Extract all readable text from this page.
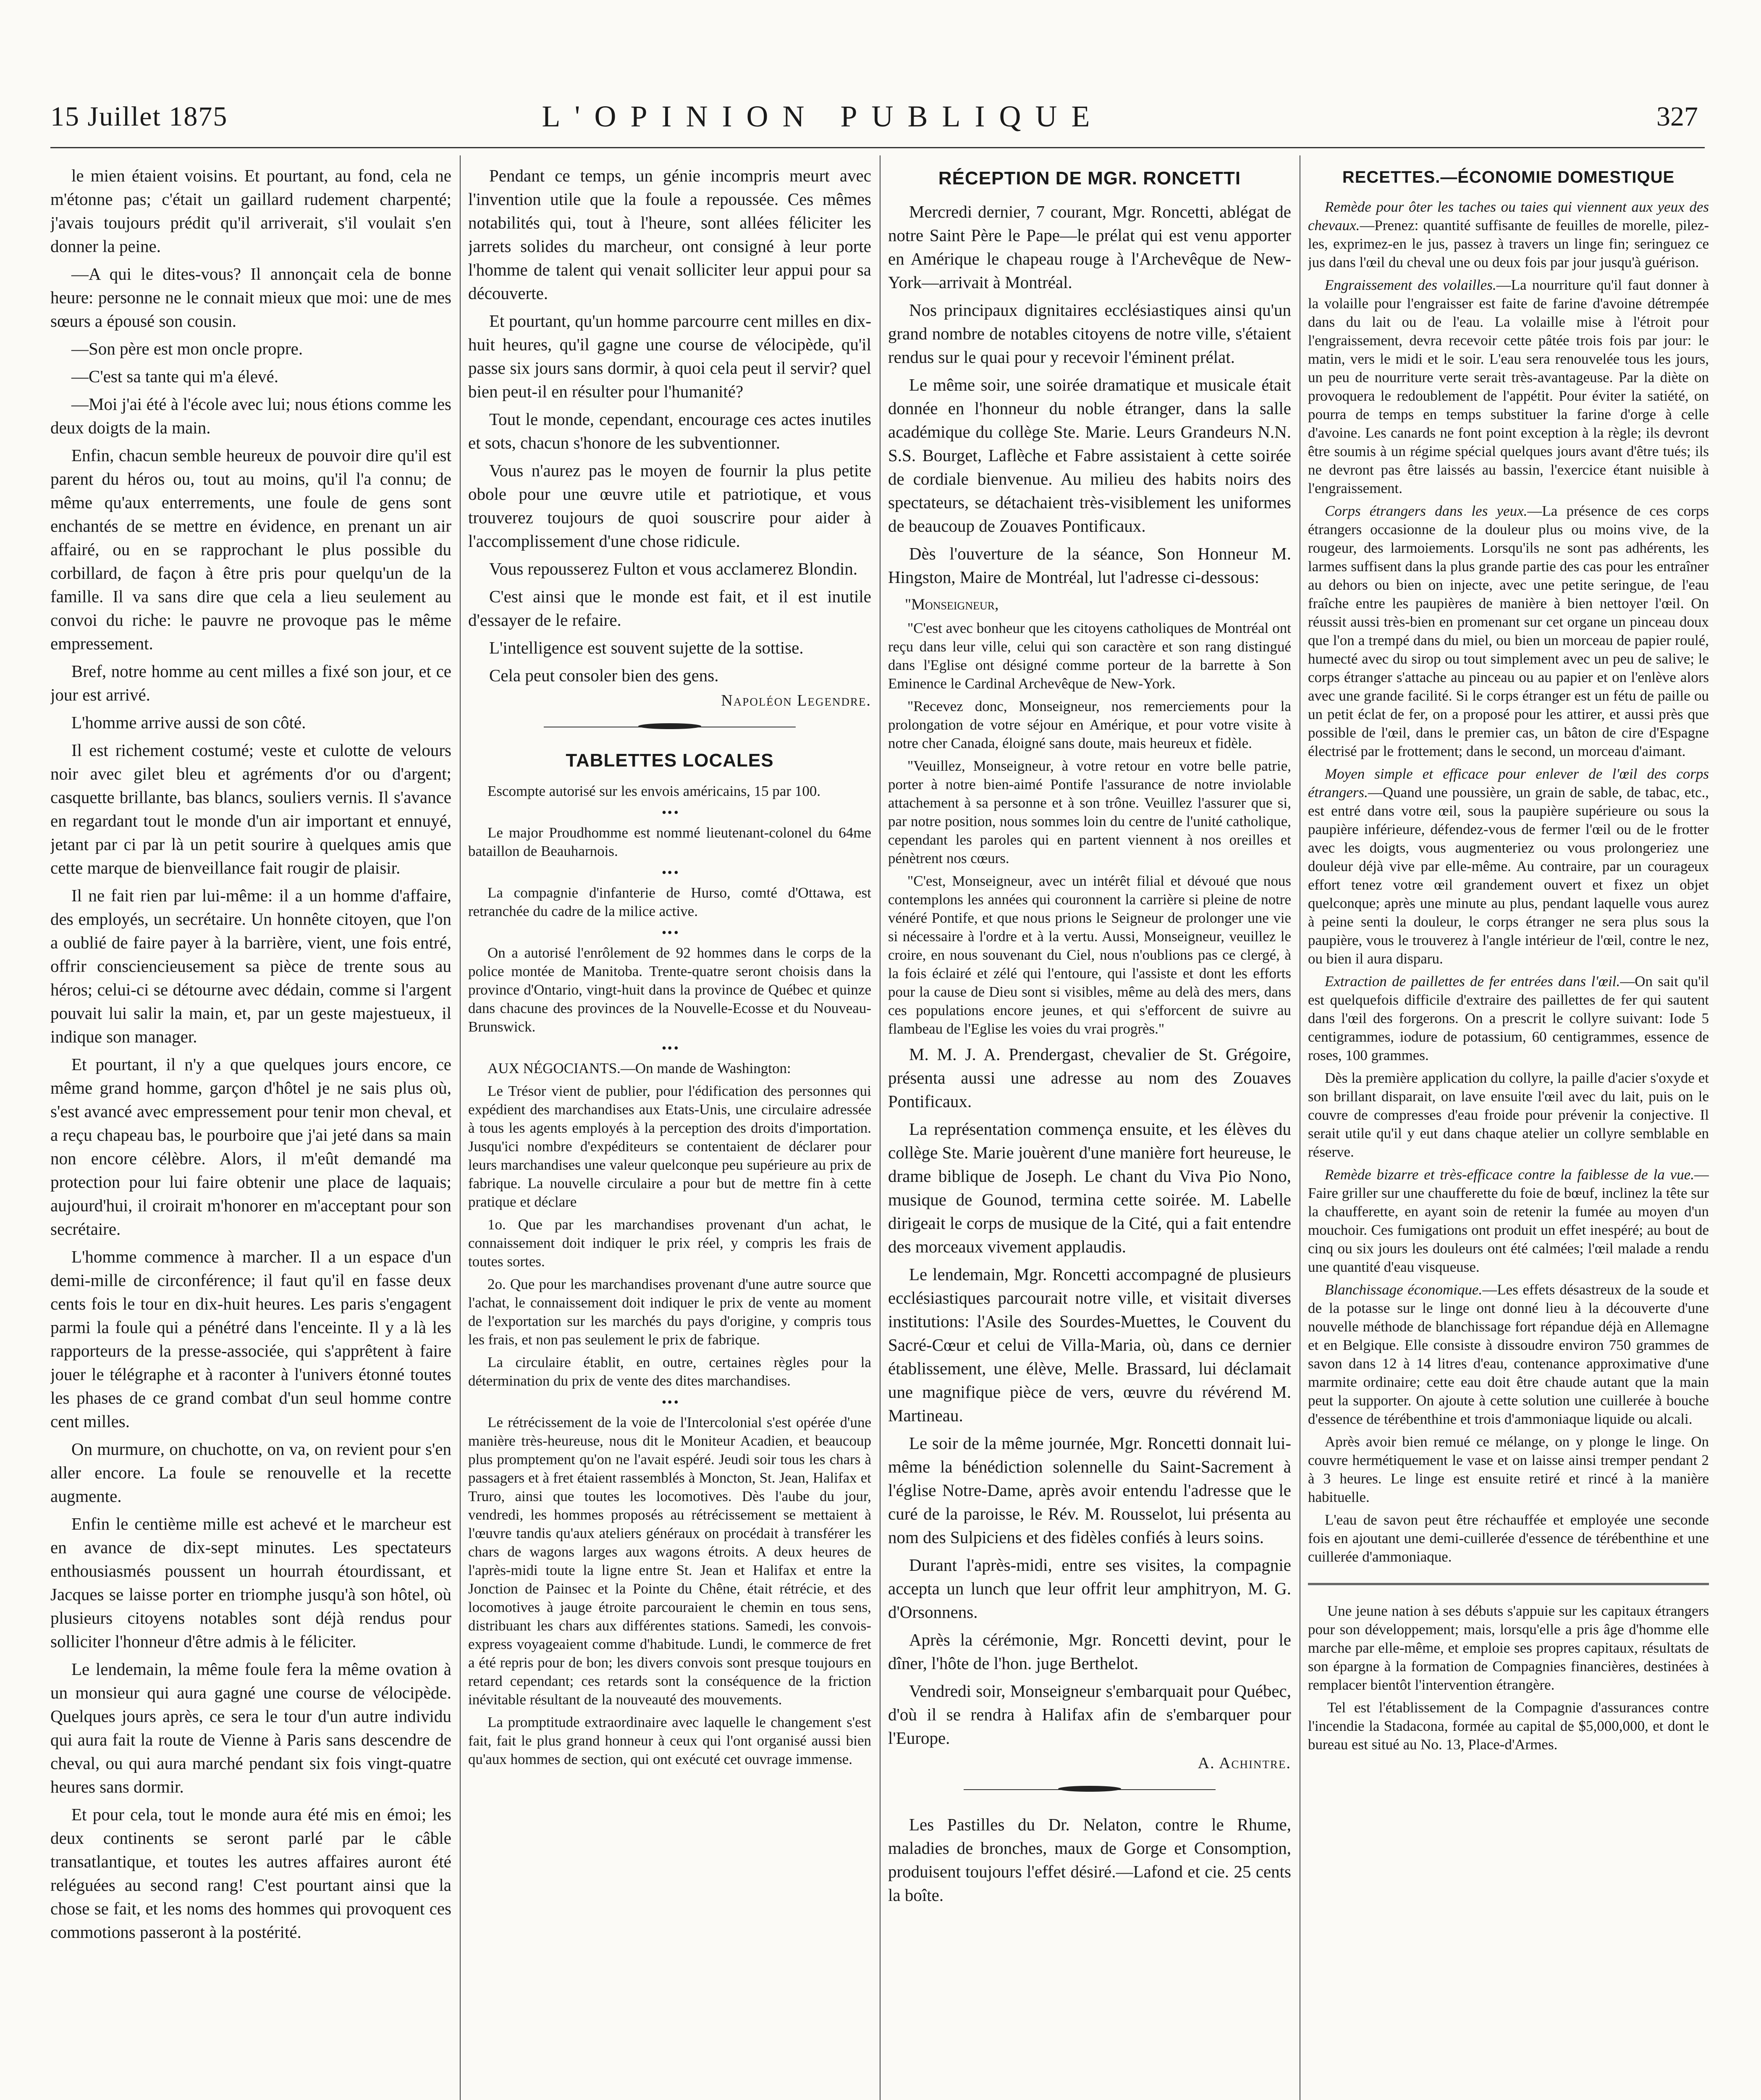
15 Juillet 1875	L'OPINION PUBLIQUE	327

le mien étaient voisins. Et pourtant, au fond, cela ne m'étonne pas; c'était un gaillard rudement charpenté; j'avais toujours prédit qu'il arriverait, s'il voulait s'en donner la peine.

—A qui le dites-vous? Il annonçait cela de bonne heure: personne ne le connait mieux que moi: une de mes sœurs a épousé son cousin.

—Son père est mon oncle propre.

—C'est sa tante qui m'a élevé.

—Moi j'ai été à l'école avec lui; nous étions comme les deux doigts de la main.

Enfin, chacun semble heureux de pouvoir dire qu'il est parent du héros ou, tout au moins, qu'il l'a connu; de même qu'aux enterrements, une foule de gens sont enchantés de se mettre en évidence, en prenant un air affairé, ou en se rapprochant le plus possible du corbillard, de façon à être pris pour quelqu'un de la famille. Il va sans dire que cela a lieu seulement au convoi du riche: le pauvre ne provoque pas le même empressement.

Bref, notre homme au cent milles a fixé son jour, et ce jour est arrivé.

L'homme arrive aussi de son côté.

Il est richement costumé; veste et culotte de velours noir avec gilet bleu et agréments d'or ou d'argent; casquette brillante, bas blancs, souliers vernis. Il s'avance en regardant tout le monde d'un air important et ennuyé, jetant par ci par là un petit sourire à quelques amis que cette marque de bienveillance fait rougir de plaisir.

Il ne fait rien par lui-même: il a un homme d'affaire, des employés, un secrétaire. Un honnête citoyen, que l'on a oublié de faire payer à la barrière, vient, une fois entré, offrir consciencieusement sa pièce de trente sous au héros; celui-ci se détourne avec dédain, comme si l'argent pouvait lui salir la main, et, par un geste majestueux, il indique son manager.

Et pourtant, il n'y a que quelques jours encore, ce même grand homme, garçon d'hôtel je ne sais plus où, s'est avancé avec empressement pour tenir mon cheval, et a reçu chapeau bas, le pourboire que j'ai jeté dans sa main non encore célèbre. Alors, il m'eût demandé ma protection pour lui faire obtenir une place de laquais; aujourd'hui, il croirait m'honorer en m'acceptant pour son secrétaire.

L'homme commence à marcher. Il a un espace d'un demi-mille de circonférence; il faut qu'il en fasse deux cents fois le tour en dix-huit heures. Les paris s'engagent parmi la foule qui a pénétré dans l'enceinte. Il y a là les rapporteurs de la presse-associée, qui s'apprêtent à faire jouer le télégraphe et à raconter à l'univers étonné toutes les phases de ce grand combat d'un seul homme contre cent milles.

On murmure, on chuchotte, on va, on revient pour s'en aller encore. La foule se renouvelle et la recette augmente.

Enfin le centième mille est achevé et le marcheur est en avance de dix-sept minutes. Les spectateurs enthousiasmés poussent un hourrah étourdissant, et Jacques se laisse porter en triomphe jusqu'à son hôtel, où plusieurs citoyens notables sont déjà rendus pour solliciter l'honneur d'être admis à le féliciter.

Le lendemain, la même foule fera la même ovation à un monsieur qui aura gagné une course de vélocipède. Quelques jours après, ce sera le tour d'un autre individu qui aura fait la route de Vienne à Paris sans descendre de cheval, ou qui aura marché pendant six fois vingt-quatre heures sans dormir.

Et pour cela, tout le monde aura été mis en émoi; les deux continents se seront parlé par le câble transatlantique, et toutes les autres affaires auront été reléguées au second rang! C'est pourtant ainsi que la chose se fait, et les noms des hommes qui provoquent ces commotions passeront à la postérité.

Pendant ce temps, un génie incompris meurt avec l'invention utile que la foule a repoussée. Ces mêmes notabilités qui, tout à l'heure, sont allées féliciter les jarrets solides du marcheur, ont consigné à leur porte l'homme de talent qui venait solliciter leur appui pour sa découverte.

Et pourtant, qu'un homme parcourre cent milles en dix-huit heures, qu'il gagne une course de vélocipède, qu'il passe six jours sans dormir, à quoi cela peut il servir? quel bien peut-il en résulter pour l'humanité?

Tout le monde, cependant, encourage ces actes inutiles et sots, chacun s'honore de les subventionner.

Vous n'aurez pas le moyen de fournir la plus petite obole pour une œuvre utile et patriotique, et vous trouverez toujours de quoi souscrire pour aider à l'accomplissement d'une chose ridicule.

Vous repousserez Fulton et vous acclamerez Blondin.

C'est ainsi que le monde est fait, et il est inutile d'essayer de le refaire.

L'intelligence est souvent sujette de la sottise.

Cela peut consoler bien des gens.

Napoléon Legendre.
TABLETTES LOCALES

Escompte autorisé sur les envois américains, 15 par 100.

• • •

Le major Proudhomme est nommé lieutenant-colonel du 64me bataillon de Beauharnois.

• • •

La compagnie d'infanterie de Hurso, comté d'Ottawa, est retranchée du cadre de la milice active.

• • •

On a autorisé l'enrôlement de 92 hommes dans le corps de la police montée de Manitoba. Trente-quatre seront choisis dans la province d'Ontario, vingt-huit dans la province de Québec et quinze dans chacune des provinces de la Nouvelle-Ecosse et du Nouveau-Brunswick.

• • •

AUX NÉGOCIANTS.—On mande de Washington:

Le Trésor vient de publier, pour l'édification des personnes qui expédient des marchandises aux Etats-Unis, une circulaire adressée à tous les agents employés à la perception des droits d'importation. Jusqu'ici nombre d'expéditeurs se contentaient de déclarer pour leurs marchandises une valeur quelconque peu supérieure au prix de fabrique. La nouvelle circulaire a pour but de mettre fin à cette pratique et déclare

1o. Que par les marchandises provenant d'un achat, le connaissement doit indiquer le prix réel, y compris les frais de toutes sortes.

2o. Que pour les marchandises provenant d'une autre source que l'achat, le connaissement doit indiquer le prix de vente au moment de l'exportation sur les marchés du pays d'origine, y compris tous les frais, et non pas seulement le prix de fabrique.

La circulaire établit, en outre, certaines règles pour la détermination du prix de vente des dites marchandises.

• • •

Le rétrécissement de la voie de l'Intercolonial s'est opérée d'une manière très-heureuse, nous dit le Moniteur Acadien, et beaucoup plus promptement qu'on ne l'avait espéré. Jeudi soir tous les chars à passagers et à fret étaient rassemblés à Moncton, St. Jean, Halifax et Truro, ainsi que toutes les locomotives. Dès l'aube du jour, vendredi, les hommes proposés au rétrécissement se mettaient à l'œuvre tandis qu'aux ateliers généraux on procédait à transférer les chars de wagons larges aux wagons étroits. A deux heures de l'après-midi toute la ligne entre St. Jean et Halifax et entre la Jonction de Painsec et la Pointe du Chêne, était rétrécie, et des locomotives à jauge étroite parcouraient le chemin en tous sens, distribuant les chars aux différentes stations. Samedi, les convois-express voyageaient comme d'habitude. Lundi, le commerce de fret a été repris pour de bon; les divers convois sont presque toujours en retard cependant; ces retards sont la conséquence de la friction inévitable résultant de la nouveauté des mouvements.

La promptitude extraordinaire avec laquelle le changement s'est fait, fait le plus grand honneur à ceux qui l'ont organisé aussi bien qu'aux hommes de section, qui ont exécuté cet ouvrage immense.

RÉCEPTION DE MGR. RONCETTI

Mercredi dernier, 7 courant, Mgr. Roncetti, ablégat de notre Saint Père le Pape—le prélat qui est venu apporter en Amérique le chapeau rouge à l'Archevêque de New-York—arrivait à Montréal.

Nos principaux dignitaires ecclésiastiques ainsi qu'un grand nombre de notables citoyens de notre ville, s'étaient rendus sur le quai pour y recevoir l'éminent prélat.

Le même soir, une soirée dramatique et musicale était donnée en l'honneur du noble étranger, dans la salle académique du collège Ste. Marie. Leurs Grandeurs N.N. S.S. Bourget, Laflèche et Fabre assistaient à cette soirée de cordiale bienvenue. Au milieu des habits noirs des spectateurs, se détachaient très-visiblement les uniformes de beaucoup de Zouaves Pontificaux.

Dès l'ouverture de la séance, Son Honneur M. Hingston, Maire de Montréal, lut l'adresse ci-dessous:

"Monseigneur,

"C'est avec bonheur que les citoyens catholiques de Montréal ont reçu dans leur ville, celui qui son caractère et son rang distingué dans l'Eglise ont désigné comme porteur de la barrette à Son Eminence le Cardinal Archevêque de New-York.

"Recevez donc, Monseigneur, nos remerciements pour la prolongation de votre séjour en Amérique, et pour votre visite à notre cher Canada, éloigné sans doute, mais heureux et fidèle.

"Veuillez, Monseigneur, à votre retour en votre belle patrie, porter à notre bien-aimé Pontife l'assurance de notre inviolable attachement à sa personne et à son trône. Veuillez l'assurer que si, par notre position, nous sommes loin du centre de l'unité catholique, cependant les paroles qui en partent viennent à nos oreilles et pénètrent nos cœurs.

"C'est, Monseigneur, avec un intérêt filial et dévoué que nous contemplons les années qui couronnent la carrière si pleine de notre vénéré Pontife, et que nous prions le Seigneur de prolonger une vie si nécessaire à l'ordre et à la vertu. Aussi, Monseigneur, veuillez le croire, en nous souvenant du Ciel, nous n'oublions pas ce clergé, à la fois éclairé et zélé qui l'entoure, qui l'assiste et dont les efforts pour la cause de Dieu sont si visibles, même au delà des mers, dans ces populations encore jeunes, et qui s'efforcent de suivre au flambeau de l'Eglise les voies du vrai progrès."

M. M. J. A. Prendergast, chevalier de St. Grégoire, présenta aussi une adresse au nom des Zouaves Pontificaux.

La représentation commença ensuite, et les élèves du collège Ste. Marie jouèrent d'une manière fort heureuse, le drame biblique de Joseph. Le chant du Viva Pio Nono, musique de Gounod, termina cette soirée. M. Labelle dirigeait le corps de musique de la Cité, qui a fait entendre des morceaux vivement applaudis.

Le lendemain, Mgr. Roncetti accompagné de plusieurs ecclésiastiques parcourait notre ville, et visitait diverses institutions: l'Asile des Sourdes-Muettes, le Couvent du Sacré-Cœur et celui de Villa-Maria, où, dans ce dernier établissement, une élève, Melle. Brassard, lui déclamait une magnifique pièce de vers, œuvre du révérend M. Martineau.

Le soir de la même journée, Mgr. Roncetti donnait lui-même la bénédiction solennelle du Saint-Sacrement à l'église Notre-Dame, après avoir entendu l'adresse que le curé de la paroisse, le Rév. M. Rousselot, lui présenta au nom des Sulpiciens et des fidèles confiés à leurs soins.

Durant l'après-midi, entre ses visites, la compagnie accepta un lunch que leur offrit leur amphitryon, M. G. d'Orsonnens.

Après la cérémonie, Mgr. Roncetti devint, pour le dîner, l'hôte de l'hon. juge Berthelot.

Vendredi soir, Monseigneur s'embarquait pour Québec, d'où il se rendra à Halifax afin de s'embarquer pour l'Europe.

A. Achintre.

Les Pastilles du Dr. Nelaton, contre le Rhume, maladies de bronches, maux de Gorge et Consomption, produisent toujours l'effet désiré.—Lafond et cie. 25 cents la boîte.

RECETTES.—ÉCONOMIE DOMESTIQUE

Remède pour ôter les taches ou taies qui viennent aux yeux des chevaux.—Prenez: quantité suffisante de feuilles de morelle, pilez-les, exprimez-en le jus, passez à travers un linge fin; seringuez ce jus dans l'œil du cheval une ou deux fois par jour jusqu'à guérison.

Engraissement des volailles.—La nourriture qu'il faut donner à la volaille pour l'engraisser est faite de farine d'avoine détrempée dans du lait ou de l'eau. La volaille mise à l'étroit pour l'engraissement, devra recevoir cette pâtée trois fois par jour: le matin, vers le midi et le soir. L'eau sera renouvelée tous les jours, un peu de nourriture verte serait très-avantageuse. Par la diète on provoquera le redoublement de l'appétit. Pour éviter la satiété, on pourra de temps en temps substituer la farine d'orge à celle d'avoine. Les canards ne font point exception à la règle; ils devront être soumis à un régime spécial quelques jours avant d'être tués; ils ne devront pas être laissés au bassin, l'exercice étant nuisible à l'engraissement.

Corps étrangers dans les yeux.—La présence de ces corps étrangers occasionne de la douleur plus ou moins vive, de la rougeur, des larmoiements. Lorsqu'ils ne sont pas adhérents, les larmes suffisent dans la plus grande partie des cas pour les entraîner au dehors ou bien on injecte, avec une petite seringue, de l'eau fraîche entre les paupières de manière à bien nettoyer l'œil. On réussit aussi très-bien en promenant sur cet organe un pinceau doux que l'on a trempé dans du miel, ou bien un morceau de papier roulé, humecté avec du sirop ou tout simplement avec un peu de salive; le corps étranger s'attache au pinceau ou au papier et on l'enlève alors avec une grande facilité. Si le corps étranger est un fétu de paille ou un petit éclat de fer, on a proposé pour les attirer, et aussi près que possible de l'œil, dans le premier cas, un bâton de cire d'Espagne électrisé par le frottement; dans le second, un morceau d'aimant.

Moyen simple et efficace pour enlever de l'œil des corps étrangers.—Quand une poussière, un grain de sable, de tabac, etc., est entré dans votre œil, sous la paupière supérieure ou sous la paupière inférieure, défendez-vous de fermer l'œil ou de le frotter avec les doigts, vous augmenteriez ou vous prolongeriez une douleur déjà vive par elle-même. Au contraire, par un courageux effort tenez votre œil grandement ouvert et fixez un objet quelconque; après une minute au plus, pendant laquelle vous aurez à peine senti la douleur, le corps étranger ne sera plus sous la paupière, vous le trouverez à l'angle intérieur de l'œil, contre le nez, ou bien il aura disparu.

Extraction de paillettes de fer entrées dans l'œil.—On sait qu'il est quelquefois difficile d'extraire des paillettes de fer qui sautent dans l'œil des forgerons. On a prescrit le collyre suivant: Iode 5 centigrammes, iodure de potassium, 60 centigrammes, essence de roses, 100 grammes.

Dès la première application du collyre, la paille d'acier s'oxyde et son brillant disparait, on lave ensuite l'œil avec du lait, puis on le couvre de compresses d'eau froide pour prévenir la conjective. Il serait utile qu'il y eut dans chaque atelier un collyre semblable en réserve.

Remède bizarre et très-efficace contre la faiblesse de la vue.—Faire griller sur une chaufferette du foie de bœuf, inclinez la tête sur la chaufferette, en ayant soin de retenir la fumée au moyen d'un mouchoir. Ces fumigations ont produit un effet inespéré; au bout de cinq ou six jours les douleurs ont été calmées; l'œil malade a rendu une quantité d'eau visqueuse.

Blanchissage économique.—Les effets désastreux de la soude et de la potasse sur le linge ont donné lieu à la découverte d'une nouvelle méthode de blanchissage fort répandue déjà en Allemagne et en Belgique. Elle consiste à dissoudre environ 750 grammes de savon dans 12 à 14 litres d'eau, contenance approximative d'une marmite ordinaire; cette eau doit être chaude autant que la main peut la supporter. On ajoute à cette solution une cuillerée à bouche d'essence de térébenthine et trois d'ammoniaque liquide ou alcali.

Après avoir bien remué ce mélange, on y plonge le linge. On couvre hermétiquement le vase et on laisse ainsi tremper pendant 2 à 3 heures. Le linge est ensuite retiré et rincé à la manière habituelle.

L'eau de savon peut être réchauffée et employée une seconde fois en ajoutant une demi-cuillerée d'essence de térébenthine et une cuillerée d'ammoniaque.

Une jeune nation à ses débuts s'appuie sur les capitaux étrangers pour son développement; mais, lorsqu'elle a pris âge d'homme elle marche par elle-même, et emploie ses propres capitaux, résultats de son épargne à la formation de Compagnies financières, destinées à remplacer bientôt l'intervention étrangère.

Tel est l'établissement de la Compagnie d'assurances contre l'incendie la Stadacona, formée au capital de $5,000,000, et dont le bureau est situé au No. 13, Place-d'Armes.
